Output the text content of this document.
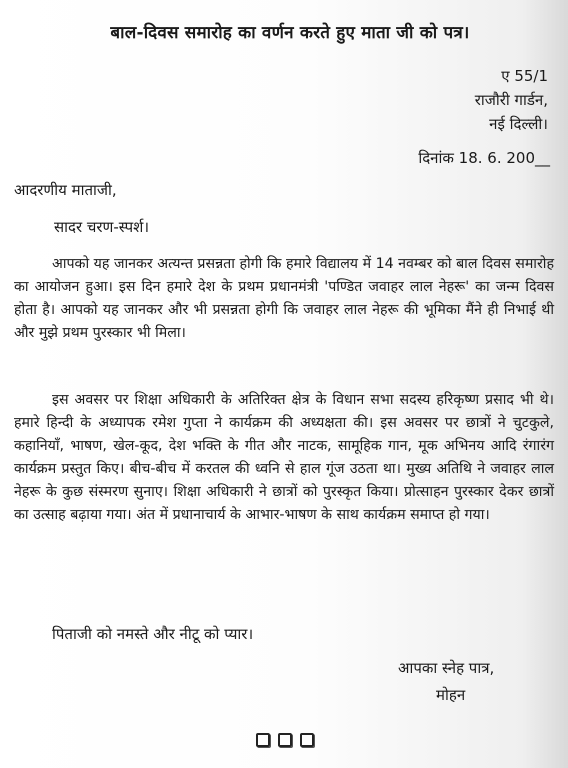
बाल-दिवस समारोह का वर्णन करते हुए माता जी को पत्र।
ए 55/1
राजौरी गार्डन,
नई दिल्ली।
दिनांक 18. 6. 200__
आदरणीय माताजी,
सादर चरण-स्पर्श।
आपको यह जानकर अत्यन्त प्रसन्नता होगी कि हमारे विद्यालय में 14 नवम्बर को बाल दिवस समारोह का आयोजन हुआ। इस दिन हमारे देश के प्रथम प्रधानमंत्री 'पण्डित जवाहर लाल नेहरू' का जन्म दिवस होता है। आपको यह जानकर और भी प्रसन्नता होगी कि जवाहर लाल नेहरू की भूमिका मैंने ही निभाई थी और मुझे प्रथम पुरस्कार भी मिला।
इस अवसर पर शिक्षा अधिकारी के अतिरिक्त क्षेत्र के विधान सभा सदस्य हरिकृष्ण प्रसाद भी थे। हमारे हिन्दी के अध्यापक रमेश गुप्ता ने कार्यक्रम की अध्यक्षता की। इस अवसर पर छात्रों ने चुटकुले, कहानियाँ, भाषण, खेल-कूद, देश भक्ति के गीत और नाटक, सामूहिक गान, मूक अभिनय आदि रंगारंग कार्यक्रम प्रस्तुत किए। बीच-बीच में करतल की ध्वनि से हाल गूंज उठता था। मुख्य अतिथि ने जवाहर लाल नेहरू के कुछ संस्मरण सुनाए। शिक्षा अधिकारी ने छात्रों को पुरस्कृत किया। प्रोत्साहन पुरस्कार देकर छात्रों का उत्साह बढ़ाया गया। अंत में प्रधानाचार्य के आभार-भाषण के साथ कार्यक्रम समाप्त हो गया।
पिताजी को नमस्ते और नीटू को प्यार।
आपका स्नेह पात्र,
मोहन
